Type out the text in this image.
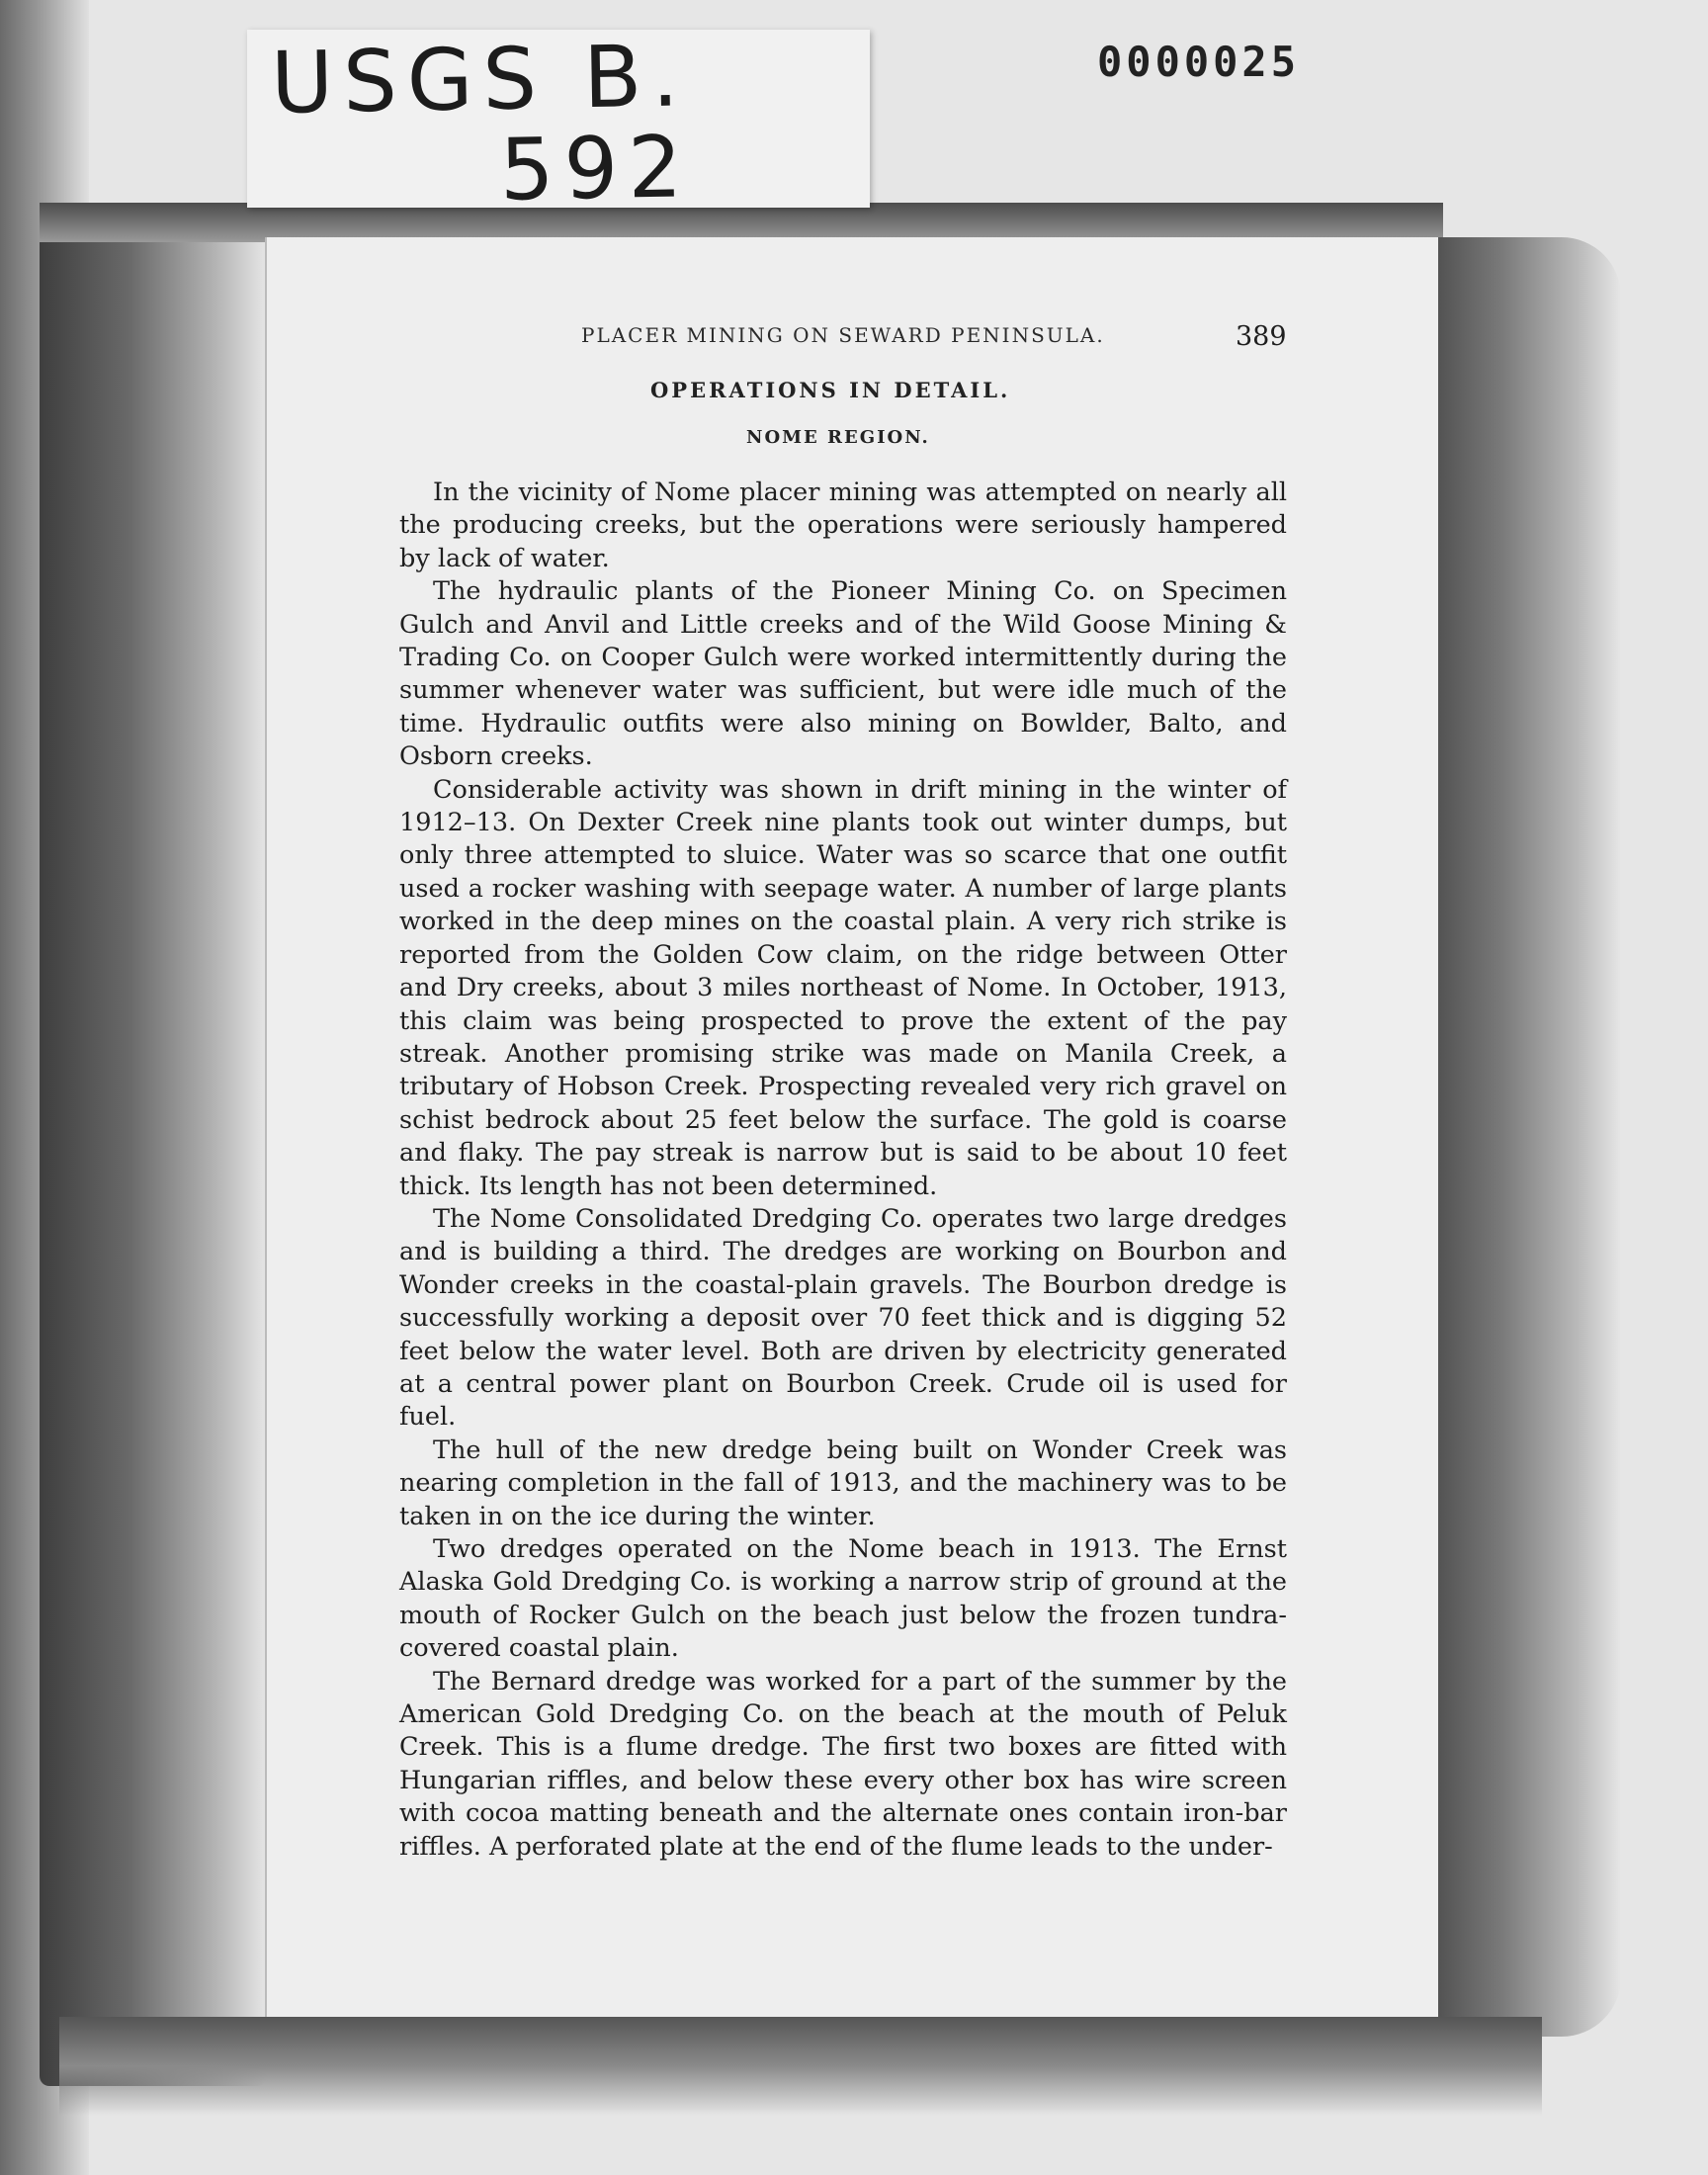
USGS B.
592
0000025
PLACER MINING ON SEWARD PENINSULA.	389
OPERATIONS IN DETAIL.
NOME REGION.

In the vicinity of Nome placer mining was attempted on nearly all the producing creeks, but the operations were seriously hampered by lack of water.

The hydraulic plants of the Pioneer Mining Co. on Specimen Gulch and Anvil and Little creeks and of the Wild Goose Mining & Trading Co. on Cooper Gulch were worked intermittently during the summer whenever water was sufficient, but were idle much of the time. Hydraulic outfits were also mining on Bowlder, Balto, and Osborn creeks.

Considerable activity was shown in drift mining in the winter of 1912–13. On Dexter Creek nine plants took out winter dumps, but only three attempted to sluice. Water was so scarce that one outfit used a rocker washing with seepage water. A number of large plants worked in the deep mines on the coastal plain. A very rich strike is reported from the Golden Cow claim, on the ridge between Otter and Dry creeks, about 3 miles northeast of Nome. In October, 1913, this claim was being prospected to prove the extent of the pay streak. Another promising strike was made on Manila Creek, a tributary of Hobson Creek. Prospecting revealed very rich gravel on schist bedrock about 25 feet below the surface. The gold is coarse and flaky. The pay streak is narrow but is said to be about 10 feet thick. Its length has not been determined.

The Nome Consolidated Dredging Co. operates two large dredges and is building a third. The dredges are working on Bourbon and Wonder creeks in the coastal-plain gravels. The Bourbon dredge is successfully working a deposit over 70 feet thick and is digging 52 feet below the water level. Both are driven by electricity generated at a central power plant on Bourbon Creek. Crude oil is used for fuel.

The hull of the new dredge being built on Wonder Creek was nearing completion in the fall of 1913, and the machinery was to be taken in on the ice during the winter.

Two dredges operated on the Nome beach in 1913. The Ernst Alaska Gold Dredging Co. is working a narrow strip of ground at the mouth of Rocker Gulch on the beach just below the frozen tundra-covered coastal plain.

The Bernard dredge was worked for a part of the summer by the American Gold Dredging Co. on the beach at the mouth of Peluk Creek. This is a flume dredge. The first two boxes are fitted with Hungarian riffles, and below these every other box has wire screen with cocoa matting beneath and the alternate ones contain iron-bar riffles. A perforated plate at the end of the flume leads to the under-
